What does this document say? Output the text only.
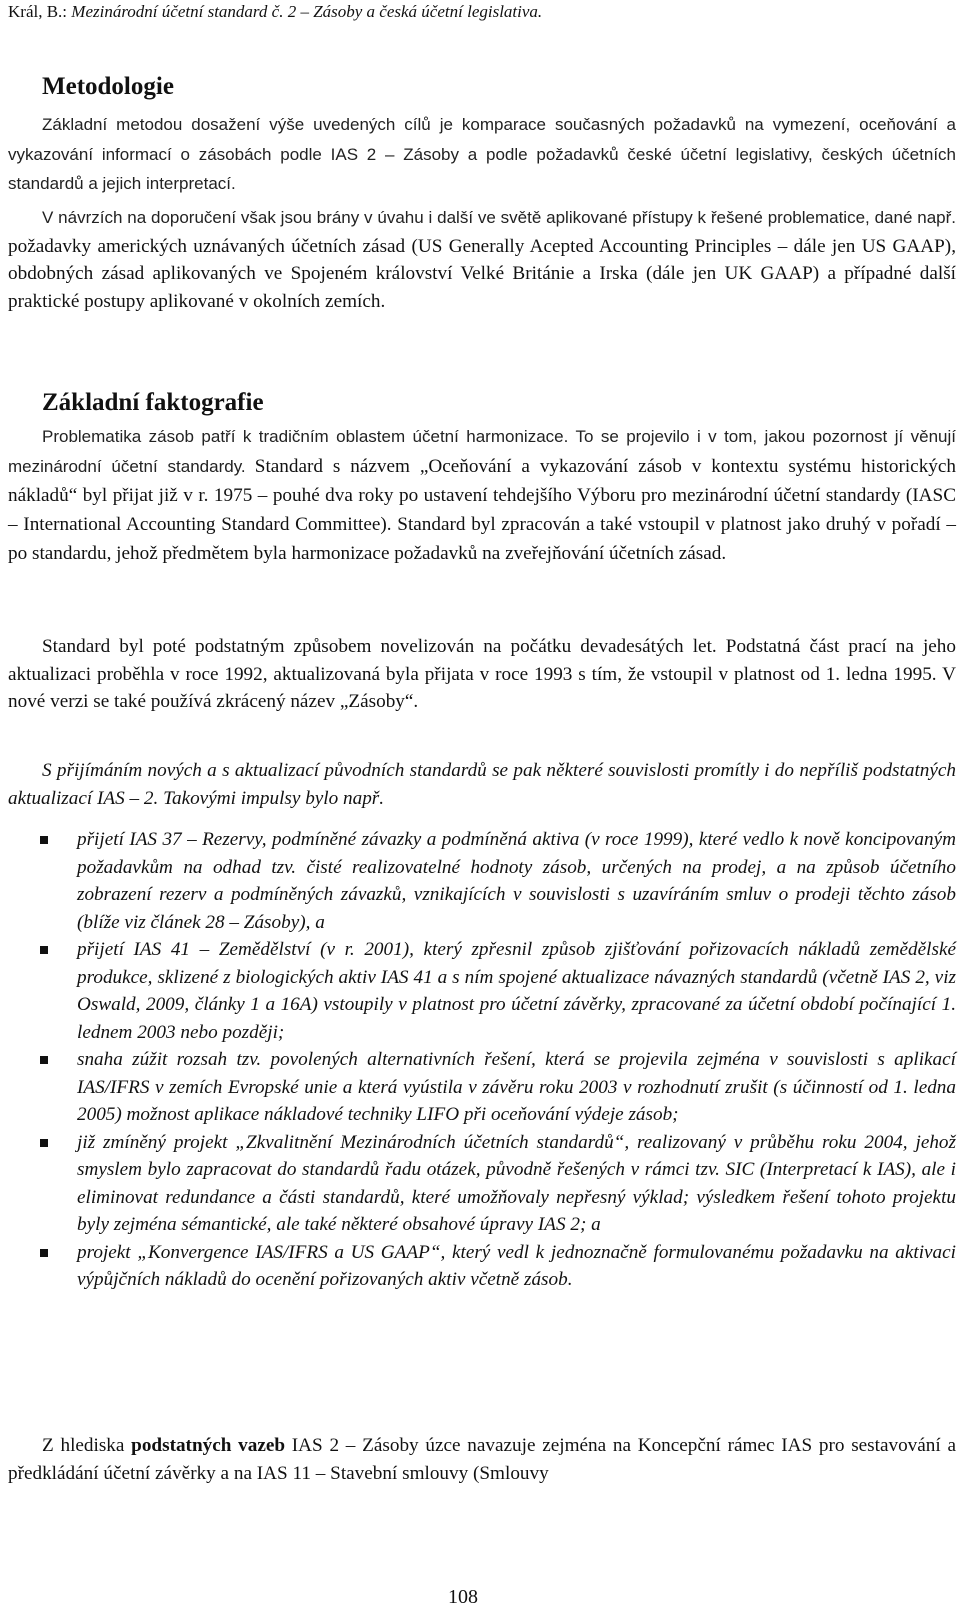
Král, B.: Mezinárodní účetní standard č. 2 – Zásoby a česká účetní legislativa.
Metodologie

Základní metodou dosažení výše uvedených cílů je komparace současných požadavků na vymezení, oceňování a vykazování informací o zásobách podle IAS 2 – Zásoby a podle požadavků české účetní legislativy, českých účetních standardů a jejich interpretací.

V návrzích na doporučení však jsou brány v úvahu i další ve světě aplikované přístupy k řešené problematice, dané např. požadavky amerických uznávaných účetních zásad (US Generally Acepted Accounting Principles – dále jen US GAAP), obdobných zásad aplikovaných ve Spojeném království Velké Británie a Irska (dále jen UK GAAP) a případné další praktické postupy aplikované v okolních zemích.

Základní faktografie

Problematika zásob patří k tradičním oblastem účetní harmonizace. To se projevilo i v tom, jakou pozornost jí věnují mezinárodní účetní standardy. Standard s názvem „Oceňování a vykazování zásob v kontextu systému historických nákladů“ byl přijat již v r. 1975 – pouhé dva roky po ustavení tehdejšího Výboru pro mezinárodní účetní standardy (IASC – International Accounting Standard Committee). Standard byl zpracován a také vstoupil v platnost jako druhý v pořadí – po standardu, jehož předmětem byla harmonizace požadavků na zveřejňování účetních zásad.

Standard byl poté podstatným způsobem novelizován na počátku devadesátých let. Podstatná část prací na jeho aktualizaci proběhla v roce 1992, aktualizovaná byla přijata v roce 1993 s tím, že vstoupil v platnost od 1. ledna 1995. V nové verzi se také používá zkrácený název „Zásoby“.

S přijímáním nových a s aktualizací původních standardů se pak některé souvislosti promítly i do nepříliš podstatných aktualizací IAS – 2. Takovými impulsy bylo např.

přijetí IAS 37 – Rezervy, podmíněné závazky a podmíněná aktiva (v roce 1999), které vedlo k nově koncipovaným požadavkům na odhad tzv. čisté realizovatelné hodnoty zásob, určených na prodej, a na způsob účetního zobrazení rezerv a podmíněných závazků, vznikajících v souvislosti s uzavíráním smluv o prodeji těchto zásob (blíže viz článek 28 – Zásoby), a
přijetí IAS 41 – Zemědělství (v r. 2001), který zpřesnil způsob zjišťování pořizovacích nákladů zemědělské produkce, sklizené z biologických aktiv IAS 41 a s ním spojené aktualizace návazných standardů (včetně IAS 2, viz Oswald, 2009, články 1 a 16A) vstoupily v platnost pro účetní závěrky, zpracované za účetní období počínající 1. lednem 2003 nebo později;
snaha zúžit rozsah tzv. povolených alternativních řešení, která se projevila zejména v souvislosti s aplikací IAS/IFRS v zemích Evropské unie a která vyústila v závěru roku 2003 v rozhodnutí zrušit (s účinností od 1. ledna 2005) možnost aplikace nákladové techniky LIFO při oceňování výdeje zásob;
již zmíněný projekt „Zkvalitnění Mezinárodních účetních standardů“, realizovaný v průběhu roku 2004, jehož smyslem bylo zapracovat do standardů řadu otázek, původně řešených v rámci tzv. SIC (Interpretací k IAS), ale i eliminovat redundance a části standardů, které umožňovaly nepřesný výklad; výsledkem řešení tohoto projektu byly zejména sémantické, ale také některé obsahové úpravy IAS 2; a
projekt „Konvergence IAS/IFRS a US GAAP“, který vedl k jednoznačně formulovanému požadavku na aktivaci výpůjčních nákladů do ocenění pořizovaných aktiv včetně zásob.

Z hlediska podstatných vazeb IAS 2 – Zásoby úzce navazuje zejména na Koncepční rámec IAS pro sestavování a předkládání účetní závěrky a na IAS 11 – Stavební smlouvy (Smlouvy

108
